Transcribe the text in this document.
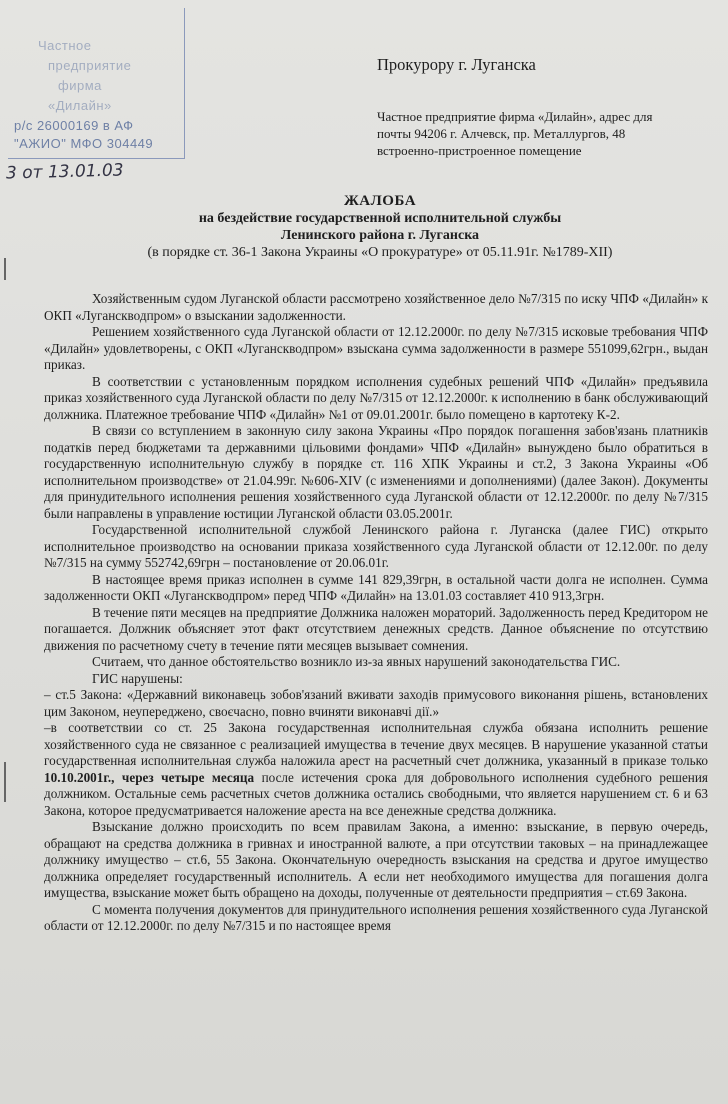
Частное
предприятие
фирма
«Дилайн»
р/с 26000169 в АФ
"АЖИО" МФО 304449
3 от 13.01.03
Прокурору г. Луганска
Частное предприятие фирма «Дилайн», адрес для
почты 94206 г. Алчевск, пр. Металлургов, 48
встроенно-пристроенное помещение
ЖАЛОБА
на бездействие государственной исполнительной службы
Ленинского района г. Луганска
(в порядке ст. 36-1 Закона Украины «О прокуратуре» от 05.11.91г. №1789-XII)

Хозяйственным судом Луганской области рассмотрено хозяйственное дело №7/315 по иску ЧПФ «Дилайн» к ОКП «Луганскводпром» о взыскании задолженности.

Решением хозяйственного суда Луганской области от 12.12.2000г. по делу №7/315 исковые требования ЧПФ «Дилайн» удовлетворены, с ОКП «Луганскводпром» взыскана сумма задолженности в размере 551099,62грн., выдан приказ.

В соответствии с установленным порядком исполнения судебных решений ЧПФ «Дилайн» предъявила приказ хозяйственного суда Луганской области по делу №7/315 от 12.12.2000г. к исполнению в банк обслуживающий должника. Платежное требование ЧПФ «Дилайн» №1 от 09.01.2001г. было помещено в картотеку К-2.

В связи со вступлением в законную силу закона Украины «Про порядок погашення забов'язань платників податків перед бюджетами та державними цільовими фондами» ЧПФ «Дилайн» вынуждено было обратиться в государственную исполнительную службу в порядке ст. 116 ХПК Украины и ст.2, 3 Закона Украины «Об исполнительном производстве» от 21.04.99г. №606-XIV (с изменениями и дополнениями) (далее Закон). Документы для принудительного исполнения решения хозяйственного суда Луганской области от 12.12.2000г. по делу №7/315 были направлены в управление юстиции Луганской области 03.05.2001г.

Государственной исполнительной службой Ленинского района г. Луганска (далее ГИС) открыто исполнительное производство на основании приказа хозяйственного суда Луганской области от 12.12.00г. по делу №7/315 на сумму 552742,69грн – постановление от 20.06.01г.

В настоящее время приказ исполнен в сумме 141 829,39грн, в остальной части долга не исполнен. Сумма задолженности ОКП «Луганскводпром» перед ЧПФ «Дилайн» на 13.01.03 составляет 410 913,3грн.

В течение пяти месяцев на предприятие Должника наложен мораторий. Задолженность перед Кредитором не погашается. Должник объясняет этот факт отсутствием денежных средств. Данное объяснение по отсутствию движения по расчетному счету в течение пяти месяцев вызывает сомнения.

Считаем, что данное обстоятельство возникло из-за явных нарушений законодательства ГИС.

ГИС нарушены:

– ст.5 Закона: «Державний виконавець зобов'язаний вживати заходів примусового виконання рішень, встановлених цим Законом, неупереджено, своєчасно, повно вчиняти виконавчі дії.»

–в соответствии со ст. 25 Закона государственная исполнительная служба обязана исполнить решение хозяйственного суда не связанное с реализацией имущества в течение двух месяцев. В нарушение указанной статьи государственная исполнительная служба наложила арест на расчетный счет должника, указанный в приказе только 10.10.2001г., через четыре месяца после истечения срока для добровольного исполнения судебного решения должником. Остальные семь расчетных счетов должника остались свободными, что является нарушением ст. 6 и 63 Закона, которое предусматривается наложение ареста на все денежные средства должника.

Взыскание должно происходить по всем правилам Закона, а именно: взыскание, в первую очередь, обращают на средства должника в гривнах и иностранной валюте, а при отсутствии таковых – на принадлежащее должнику имущество – ст.6, 55 Закона. Окончательную очередность взыскания на средства и другое имущество должника определяет государственный исполнитель. А если нет необходимого имущества для погашения долга имущества, взыскание может быть обращено на доходы, полученные от деятельности предприятия – ст.69 Закона.

С момента получения документов для принудительного исполнения решения хозяйственного суда Луганской области от 12.12.2000г. по делу №7/315 и по настоящее время
